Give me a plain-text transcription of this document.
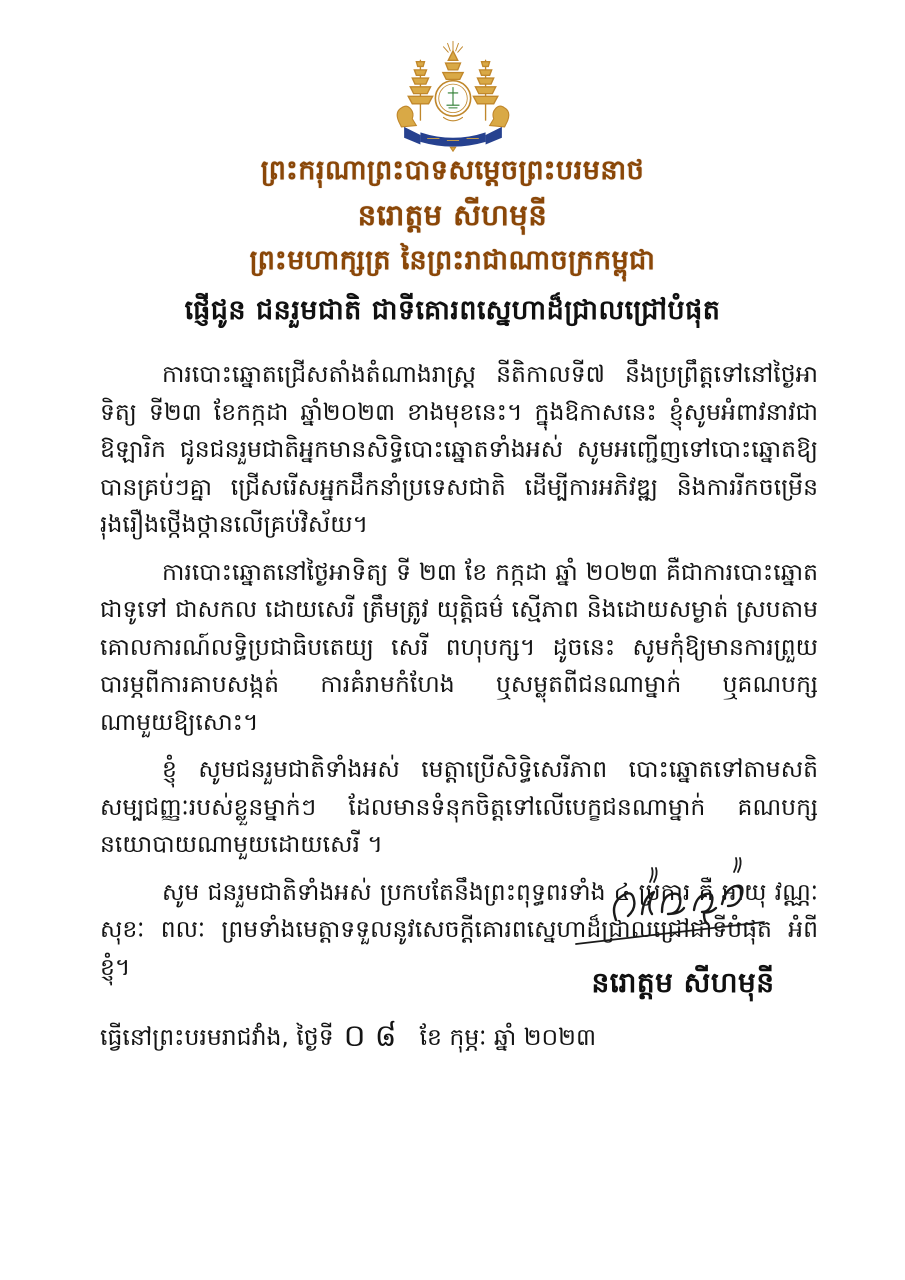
ព្រះករុណាព្រះបាទសម្តេចព្រះបរមនាថ
នរោត្តម សីហមុនី
ព្រះមហាក្សត្រ នៃព្រះរាជាណាចក្រកម្ពុជា
ផ្ញើជូន ជនរួមជាតិ ជាទីគោរពស្នេហាដ៏ជ្រាលជ្រៅបំផុត

ការបោះឆ្នោតជ្រើសតាំងតំណាងរាស្ត្រ នីតិកាលទី៧ នឹងប្រព្រឹត្តទៅនៅថ្ងៃអាទិត្យ ទី២៣ ខែកក្កដា ឆ្នាំ២០២៣ ខាងមុខនេះ។ ក្នុងឱកាសនេះ ខ្ញុំសូមអំពាវនាវជាឱឡារិក ជូនជនរួមជាតិអ្នកមានសិទ្ធិបោះឆ្នោតទាំងអស់ សូមអញ្ជើញទៅបោះឆ្នោតឱ្យបានគ្រប់ៗគ្នា ជ្រើសរើសអ្នកដឹកនាំប្រទេសជាតិ ដើម្បីការអភិវឌ្ឍ និងការរីកចម្រើនរុងរឿងថ្កើងថ្កានលើគ្រប់វិស័យ។

ការបោះឆ្នោតនៅថ្ងៃអាទិត្យ ទី ២៣ ខែ កក្កដា ឆ្នាំ ២០២៣ គឺជាការបោះឆ្នោតជាទូទៅ ជាសកល ដោយសេរី ត្រឹមត្រូវ យុត្តិធម៌ ស្មើភាព និងដោយសម្ងាត់ ស្របតាមគោលការណ៍លទ្ធិប្រជាធិបតេយ្យ សេរី ពហុបក្ស។ ដូចនេះ សូមកុំឱ្យមានការព្រួយបារម្ភពីការគាបសង្កត់ ការគំរាមកំហែង ឬសម្លុតពីជនណាម្នាក់ ឬគណបក្សណាមួយឱ្យសោះ។

ខ្ញុំ សូមជនរួមជាតិទាំងអស់ មេត្តាប្រើសិទ្ធិសេរីភាព បោះឆ្នោតទៅតាមសតិសម្បជញ្ញៈរបស់ខ្លួនម្នាក់ៗ ដែលមានទំនុកចិត្តទៅលើបេក្ខជនណាម្នាក់ គណបក្សនយោបាយណាមួយដោយសេរី ។

សូម ជនរួមជាតិទាំងអស់ ប្រកបតែនឹងព្រះពុទ្ធពរទាំង ៤ ប្រការ គឺ អាយុ វណ្ណៈ សុខៈ ពលៈ ព្រមទាំងមេត្តាទទួលនូវសេចក្តីគោរពស្នេហាដ៏ជ្រាលជ្រៅជាទីបំផុត អំពីខ្ញុំ។	នរោត្តម សីហមុនី
ធ្វើនៅព្រះបរមរាជវាំង, ថ្ងៃទី ០៨ ខែ កុម្ភៈ ឆ្នាំ ២០២៣
